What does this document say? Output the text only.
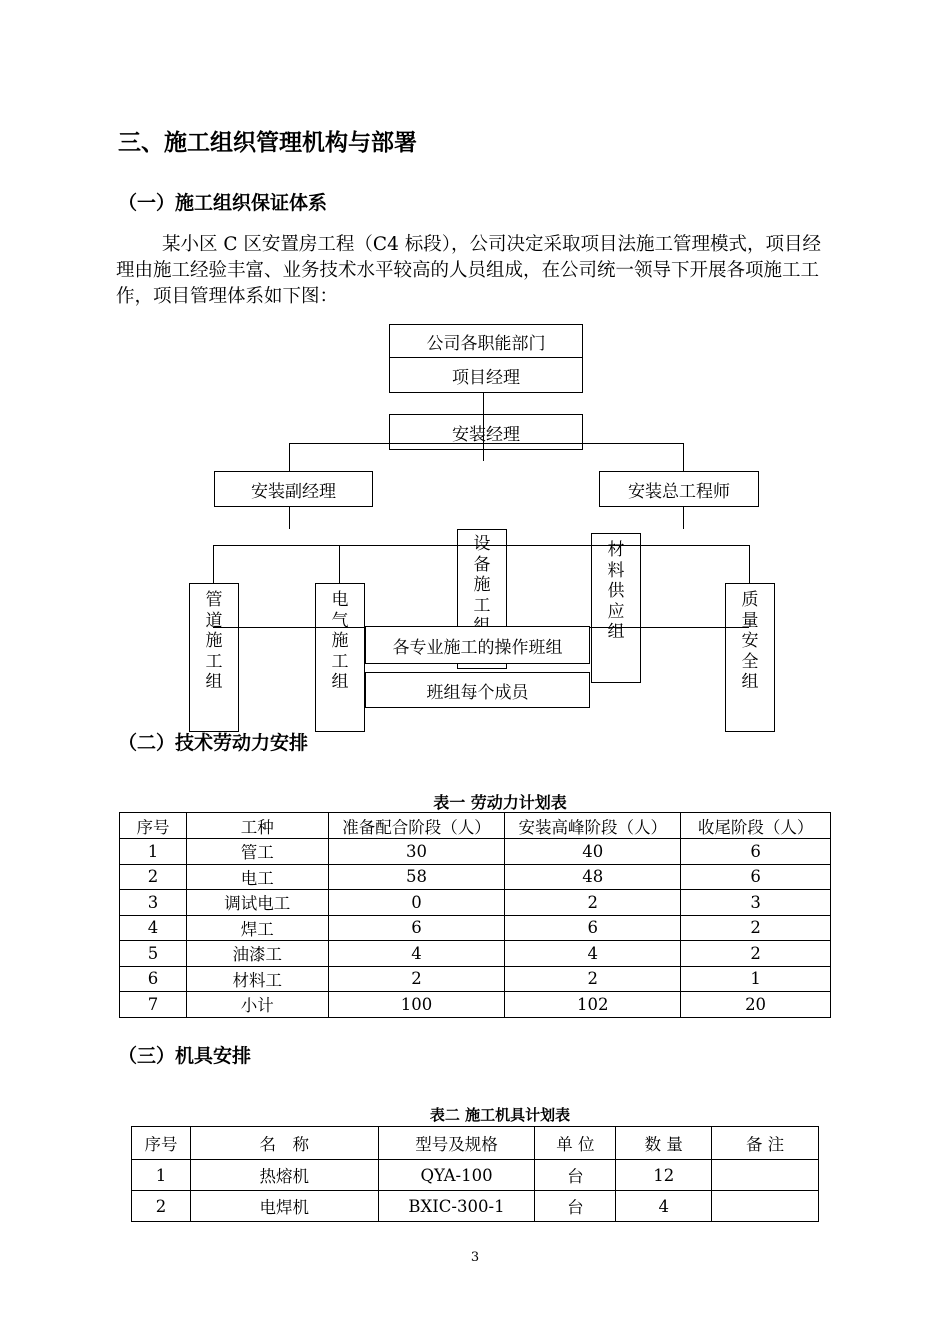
三、施工组织管理机构与部署
（一）施工组织保证体系
某小区 C 区安置房工程（C4 标段），公司决定采取项目法施工管理模式，项目经理由施工经验丰富、业务技术水平较高的人员组成，在公司统一领导下开展各项施工工作，项目管理体系如下图：
公司各职能部门
项目经理
安装经理
安装副经理	安装总工程师
设
备
施
工
材
料
供
应
组
管
道
施
工
组
电
气
施
工
组
质
量
安
全
组
各专业施工的操作班组
班组每个成员
（二）技术劳动力安排
表一 劳动力计划表
序号	工种	准备配合阶段（人）	安装高峰阶段（人）	收尾阶段（人）
1	管工	30	40	6
2	电工	58	48	6
3	调试电工	0	2	3
4	焊工	6	6	2
5	油漆工	4	4	2
6	材料工	2	2	1
7	小计	100	102	20
（三）机具安排
表二 施工机具计划表
序号	名　称	型号及规格	单 位	数 量	备 注
1	热熔机	QYA-100	台	12	
2	电焊机	BXIC-300-1	台	4	
3
